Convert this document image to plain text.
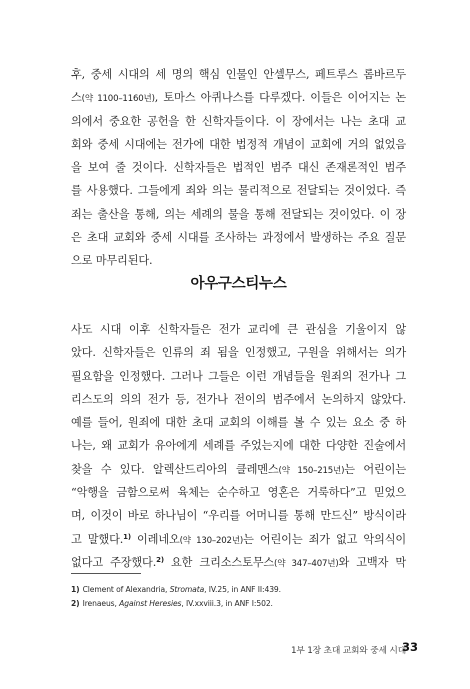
후, 중세 시대의 세 명의 핵심 인물인 안셀무스, 페트루스 롬바르두
스(약 1100–1160년), 토마스 아퀴나스를 다루겠다. 이들은 이어지는 논
의에서 중요한 공헌을 한 신학자들이다. 이 장에서는 나는 초대 교
회와 중세 시대에는 전가에 대한 법정적 개념이 교회에 거의 없었음
을 보여 줄 것이다. 신학자들은 법적인 범주 대신 존재론적인 범주
를 사용했다. 그들에게 죄와 의는 물리적으로 전달되는 것이었다. 즉
죄는 출산을 통해, 의는 세례의 물을 통해 전달되는 것이었다. 이 장
은 초대 교회와 중세 시대를 조사하는 과정에서 발생하는 주요 질문
으로 마무리된다.
아우구스티누스
사도 시대 이후 신학자들은 전가 교리에 큰 관심을 기울이지 않
았다. 신학자들은 인류의 죄 됨을 인정했고, 구원을 위해서는 의가
필요함을 인정했다. 그러나 그들은 이런 개념들을 원죄의 전가나 그
리스도의 의의 전가 등, 전가나 전이의 범주에서 논의하지 않았다.
예를 들어, 원죄에 대한 초대 교회의 이해를 볼 수 있는 요소 중 하
나는, 왜 교회가 유아에게 세례를 주었는지에 대한 다양한 진술에서
찾을 수 있다. 알렉산드리아의 클레멘스(약 150–215년)는 어린이는
“악행을 금함으로써 육체는 순수하고 영혼은 거룩하다”고 믿었으
며, 이것이 바로 하나님이 “우리를 어머니를 통해 만드신” 방식이라
고 말했다.$^{1)}$ 이레네오(약 130–202년)는 어린이는 죄가 없고 악의식이
없다고 주장했다.$^{2)}$ 요한 크리소스토무스(약 347–407년)와 고백자 막
1) Clement of Alexandria, Stromata, IV.25, in ANF II:439.
2) Irenaeus, Against Heresies, IV.xxviii.3, in ANF I:502.
1부 1장 초대 교회와 중세 시대
33
